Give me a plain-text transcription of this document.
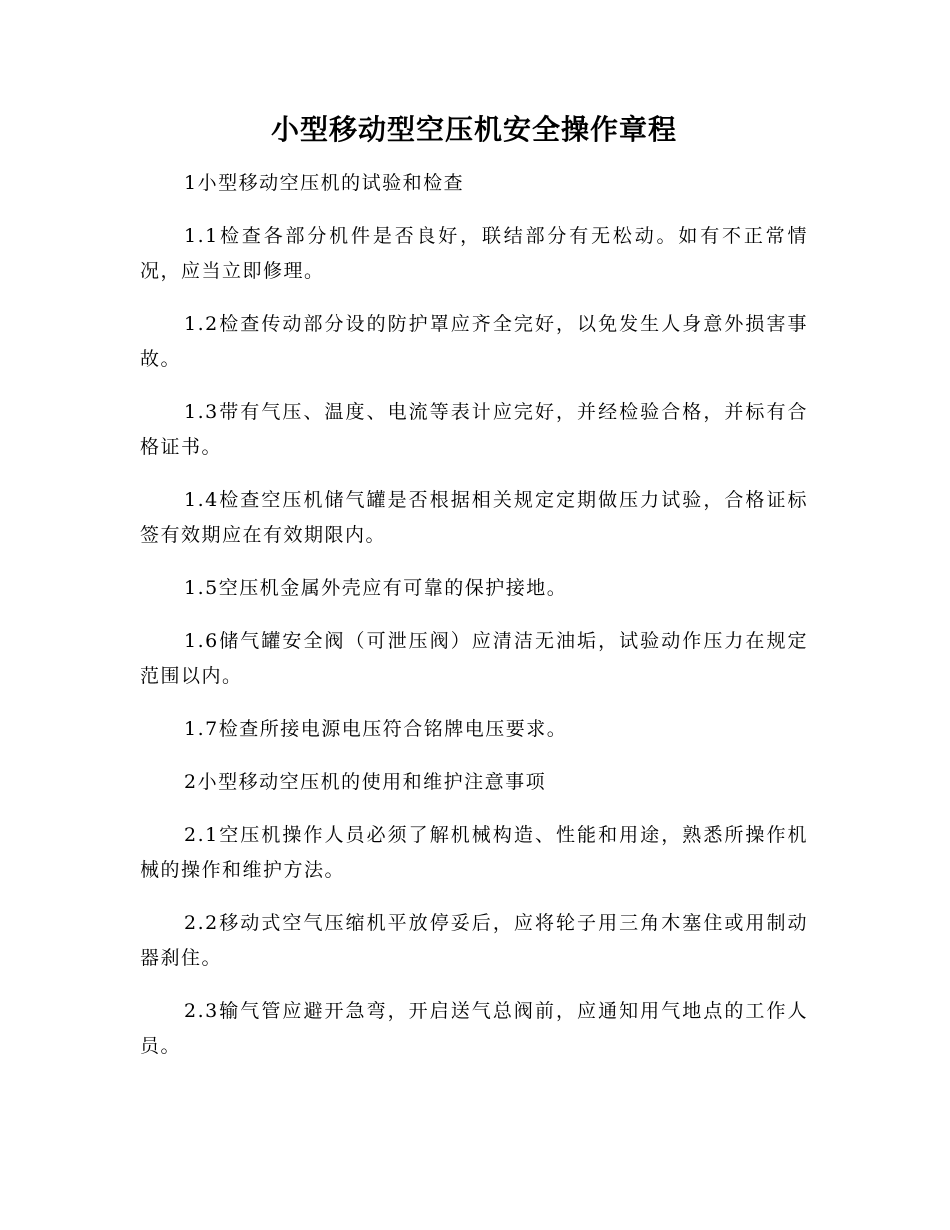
小型移动型空压机安全操作章程

1小型移动空压机的试验和检查

1.1检查各部分机件是否良好，联结部分有无松动。如有不正常情况，应当立即修理。

1.2检查传动部分设的防护罩应齐全完好，以免发生人身意外损害事故。

1.3带有气压、温度、电流等表计应完好，并经检验合格，并标有合格证书。

1.4检查空压机储气罐是否根据相关规定定期做压力试验，合格证标签有效期应在有效期限内。

1.5空压机金属外壳应有可靠的保护接地。

1.6储气罐安全阀（可泄压阀）应清洁无油垢，试验动作压力在规定范围以内。

1.7检查所接电源电压符合铭牌电压要求。

2小型移动空压机的使用和维护注意事项

2.1空压机操作人员必须了解机械构造、性能和用途，熟悉所操作机械的操作和维护方法。

2.2移动式空气压缩机平放停妥后，应将轮子用三角木塞住或用制动器刹住。

2.3输气管应避开急弯，开启送气总阀前，应通知用气地点的工作人员。
